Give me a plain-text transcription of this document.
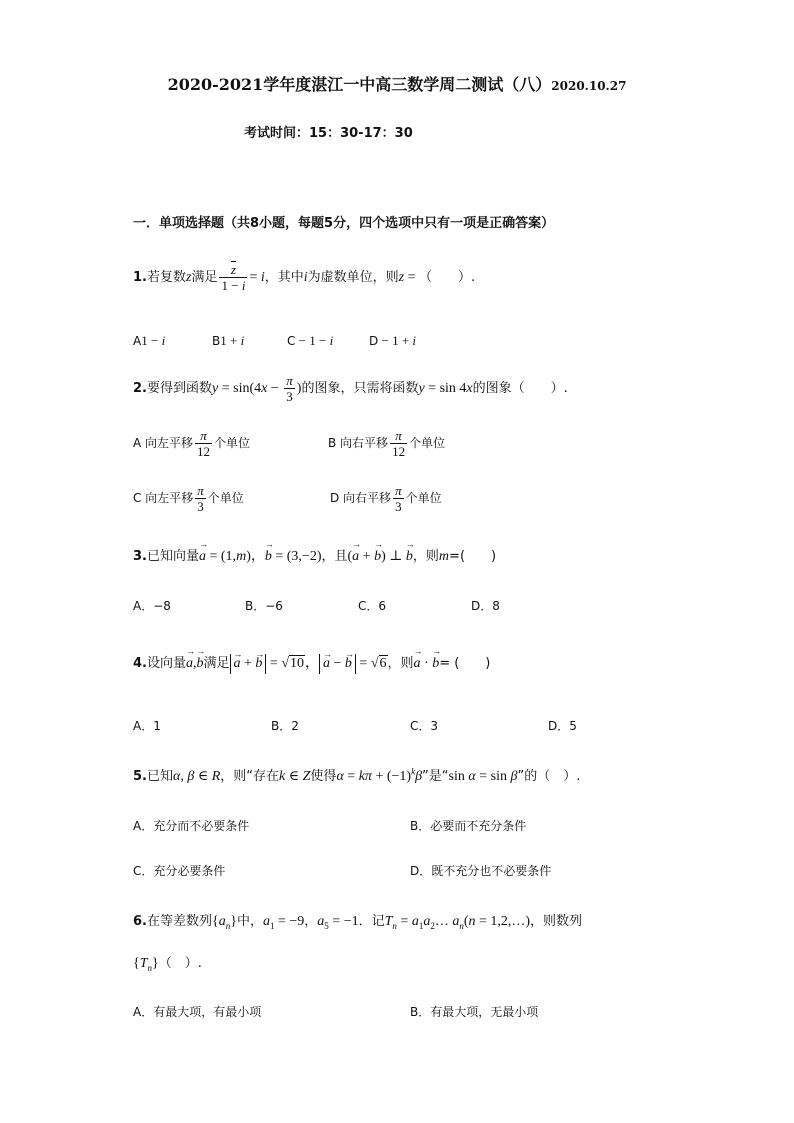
2020-2021学年度湛江一中高三数学周二测试（八）2020.10.27
考试时间：15：30-17：30
一．单项选择题（共8小题，每题5分，四个选项中只有一项是正确答案）
1.若复数z满足 $\frac{\overline{z}}{1 - i} = i$，其中i为虚数单位，则z = （　　）.
A1 − i	B1 + i	C − 1 − i	D − 1 + i
2.要得到函数$y = \sin(4x - \frac{\pi}{3}$ )的图象，只需将函数y = sin 4x的图象（　　）.
A 向左平移 $\frac{\pi}{12}$ 个单位	B 向右平移 $\frac{\pi}{12}$ 个单位
C 向左平移 $\frac{\pi}{3}$ 个单位	D 向右平移 $\frac{\pi}{3}$ 个单位
3.已知向量→ a = (1,m)，→ b = (3,−2)，且(→ a + → b) ⊥ → b，则m=(　　)
A．−8	B．−6	C．6	D．8
4.设向量→ a,→ b满足 → a + → b = √10， → a − → b = √6，则→ a · → b= (　　)
A．1	B．2	C．3	D．5
5.已知α, β ∈ R，则“存在k ∈ Z使得$\alpha = k\pi + (-1)^k\beta$”是“sin α = sin β”的（　）.
A．充分而不必要条件	B．必要而不充分条件
C．充分必要条件	D．既不充分也不必要条件
6.在等差数列$\{a_n\}$中，$a_1 = -9$，$a_5 = -1$．记$T_n$ = $a_1a_2\dots$ $a_n(n$ = 1,2,…)，则数列
$\{T_n\}$（　）.
A．有最大项，有最小项	B．有最大项，无最小项
